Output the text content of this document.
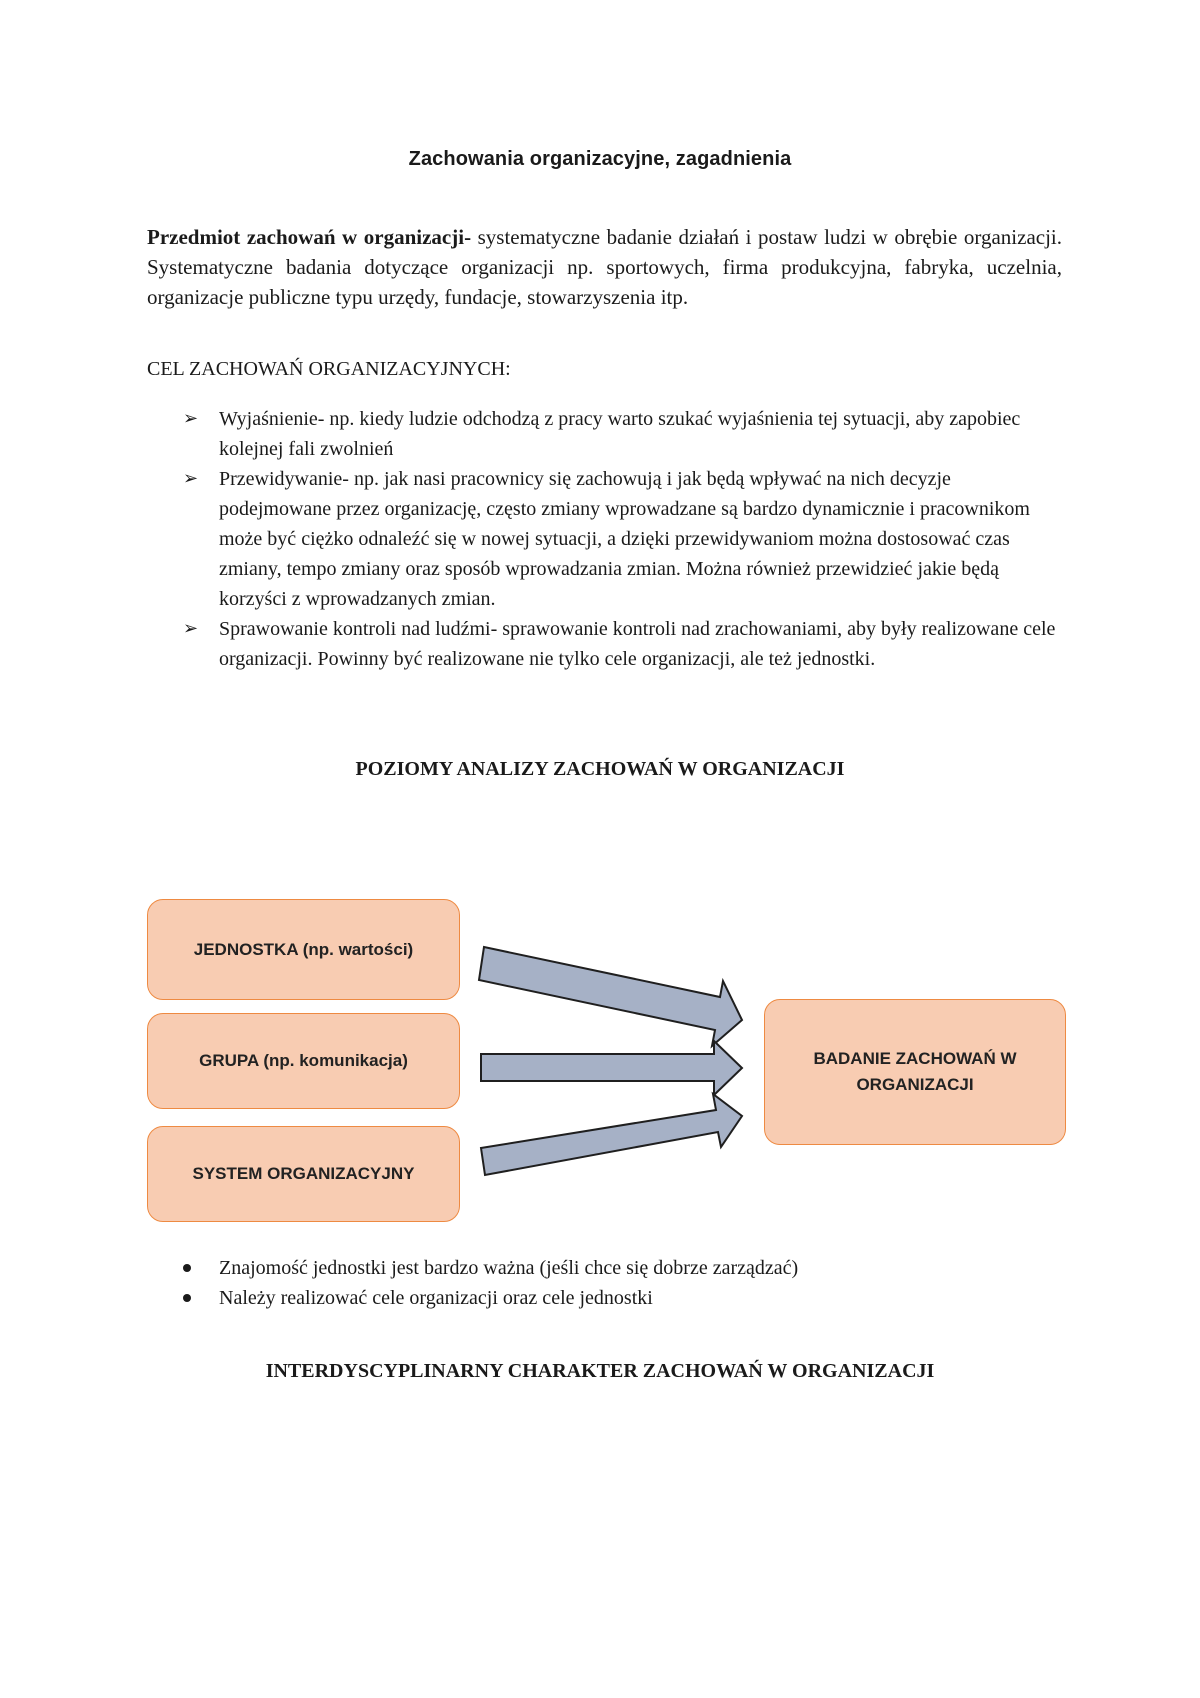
Zachowania organizacyjne, zagadnienia

Przedmiot zachowań w organizacji- systematyczne badanie działań i postaw ludzi w obrębie organizacji. Systematyczne badania dotyczące organizacji np. sportowych, firma produkcyjna, fabryka, uczelnia, organizacje publiczne typu urzędy, fundacje, stowarzyszenia itp.

CEL ZACHOWAŃ ORGANIZACYJNYCH:
➢ Wyjaśnienie- np. kiedy ludzie odchodzą z pracy warto szukać wyjaśnienia tej sytuacji, aby zapobiec kolejnej fali zwolnień
➢ Przewidywanie- np. jak nasi pracownicy się zachowują i jak będą wpływać na nich decyzje podejmowane przez organizację, często zmiany wprowadzane są bardzo dynamicznie i pracownikom może być ciężko odnaleźć się w nowej sytuacji, a dzięki przewidywaniom można dostosować czas zmiany, tempo zmiany oraz sposób wprowadzania zmian. Można również przewidzieć jakie będą korzyści z wprowadzanych zmian.
➢ Sprawowanie kontroli nad ludźmi- sprawowanie kontroli nad zrachowaniami, aby były realizowane cele organizacji. Powinny być realizowane nie tylko cele organizacji, ale też jednostki.
POZIOMY ANALIZY ZACHOWAŃ W ORGANIZACJI
JEDNOSTKA (np. wartości)
GRUPA (np. komunikacja)
SYSTEM ORGANIZACYJNY
BADANIE ZACHOWAŃ W ORGANIZACJI
Znajomość jednostki jest bardzo ważna (jeśli chce się dobrze zarządzać)
Należy realizować cele organizacji oraz cele jednostki
INTERDYSCYPLINARNY CHARAKTER ZACHOWAŃ W ORGANIZACJI
